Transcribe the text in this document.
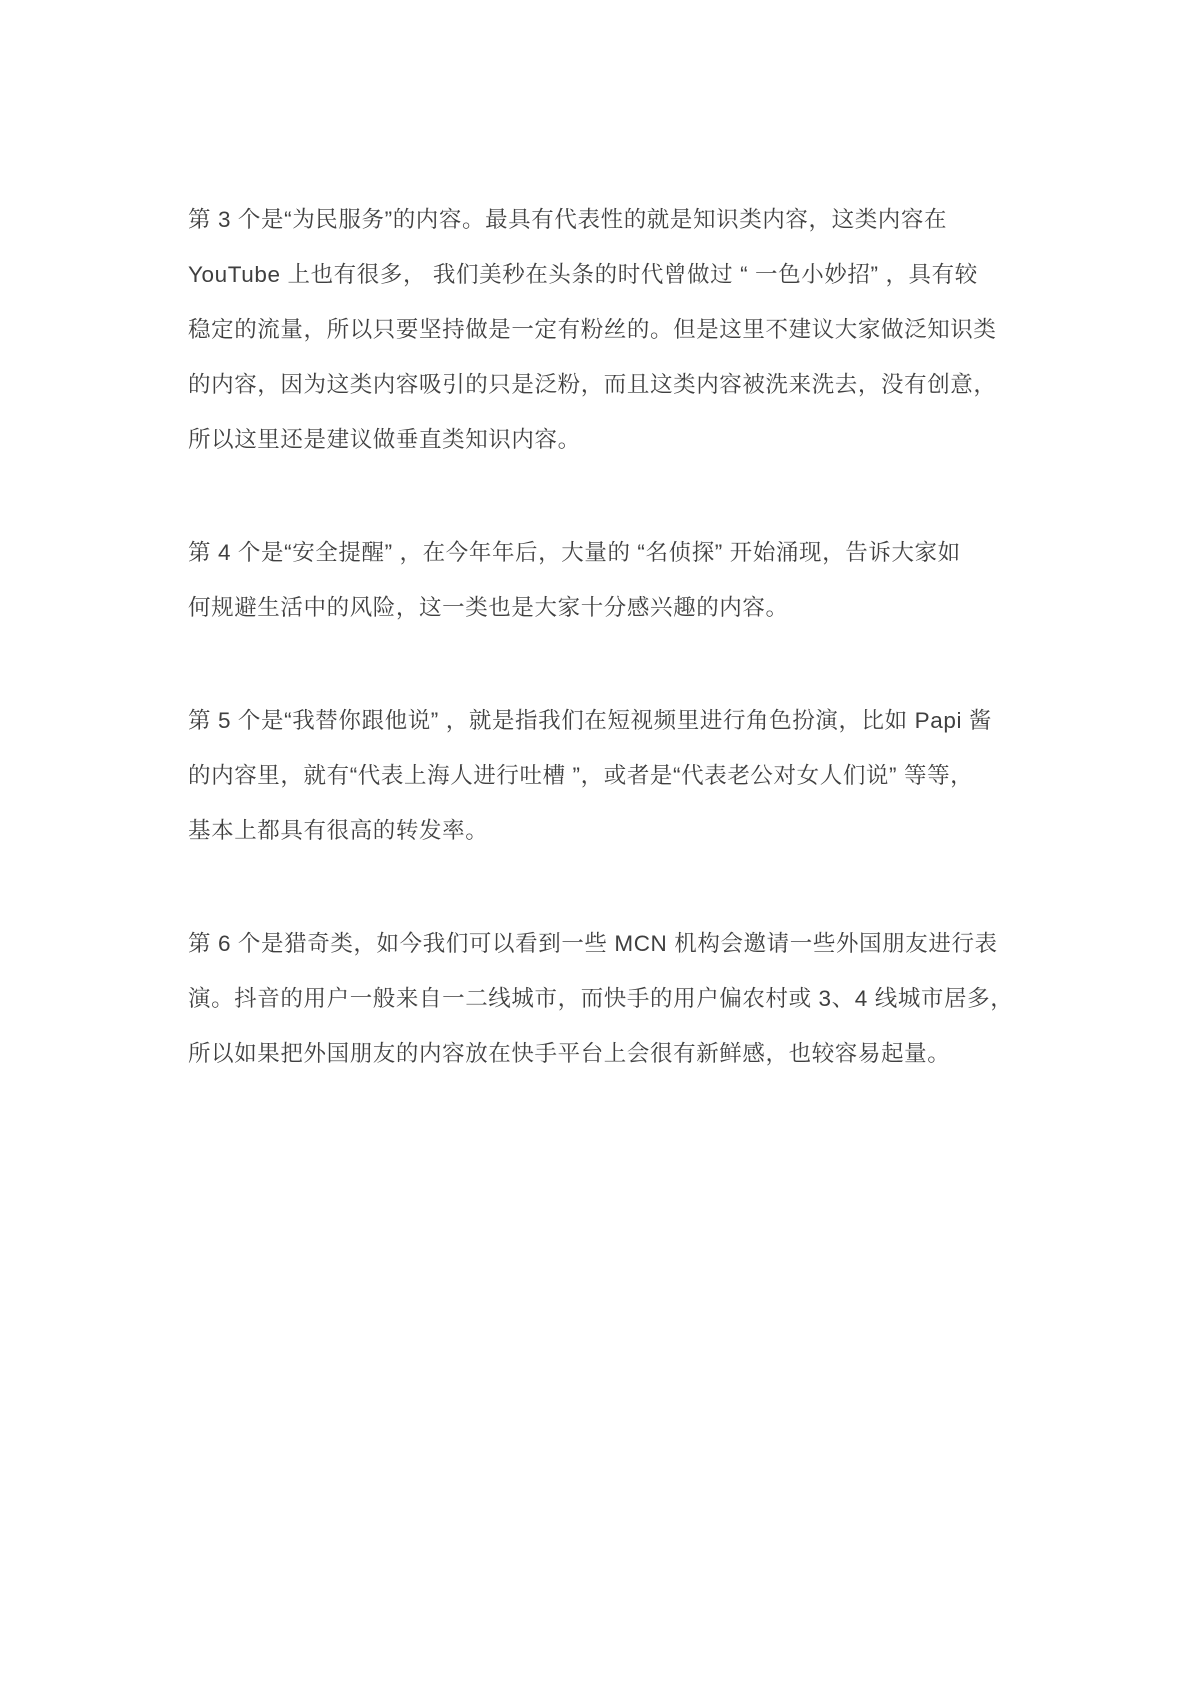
第 3 个是“为民服务”的内容。最具有代表性的就是知识类内容，这类内容在
YouTube 上也有很多， 我们美秒在头条的时代曾做过 “ 一色小妙招” ，具有较
稳定的流量，所以只要坚持做是一定有粉丝的。但是这里不建议大家做泛知识类
的内容，因为这类内容吸引的只是泛粉，而且这类内容被洗来洗去，没有创意，
所以这里还是建议做垂直类知识内容。
第 4 个是“安全提醒” ，在今年年后，大量的 “名侦探” 开始涌现，告诉大家如
何规避生活中的风险，这一类也是大家十分感兴趣的内容。
第 5 个是“我替你跟他说” ，就是指我们在短视频里进行角色扮演，比如 Papi 酱
的内容里，就有“代表上海人进行吐槽 ”，或者是“代表老公对女人们说” 等等，
基本上都具有很高的转发率。
第 6 个是猎奇类，如今我们可以看到一些 MCN 机构会邀请一些外国朋友进行表
演。抖音的用户一般来自一二线城市，而快手的用户偏农村或 3、4 线城市居多，
所以如果把外国朋友的内容放在快手平台上会很有新鲜感，也较容易起量。
